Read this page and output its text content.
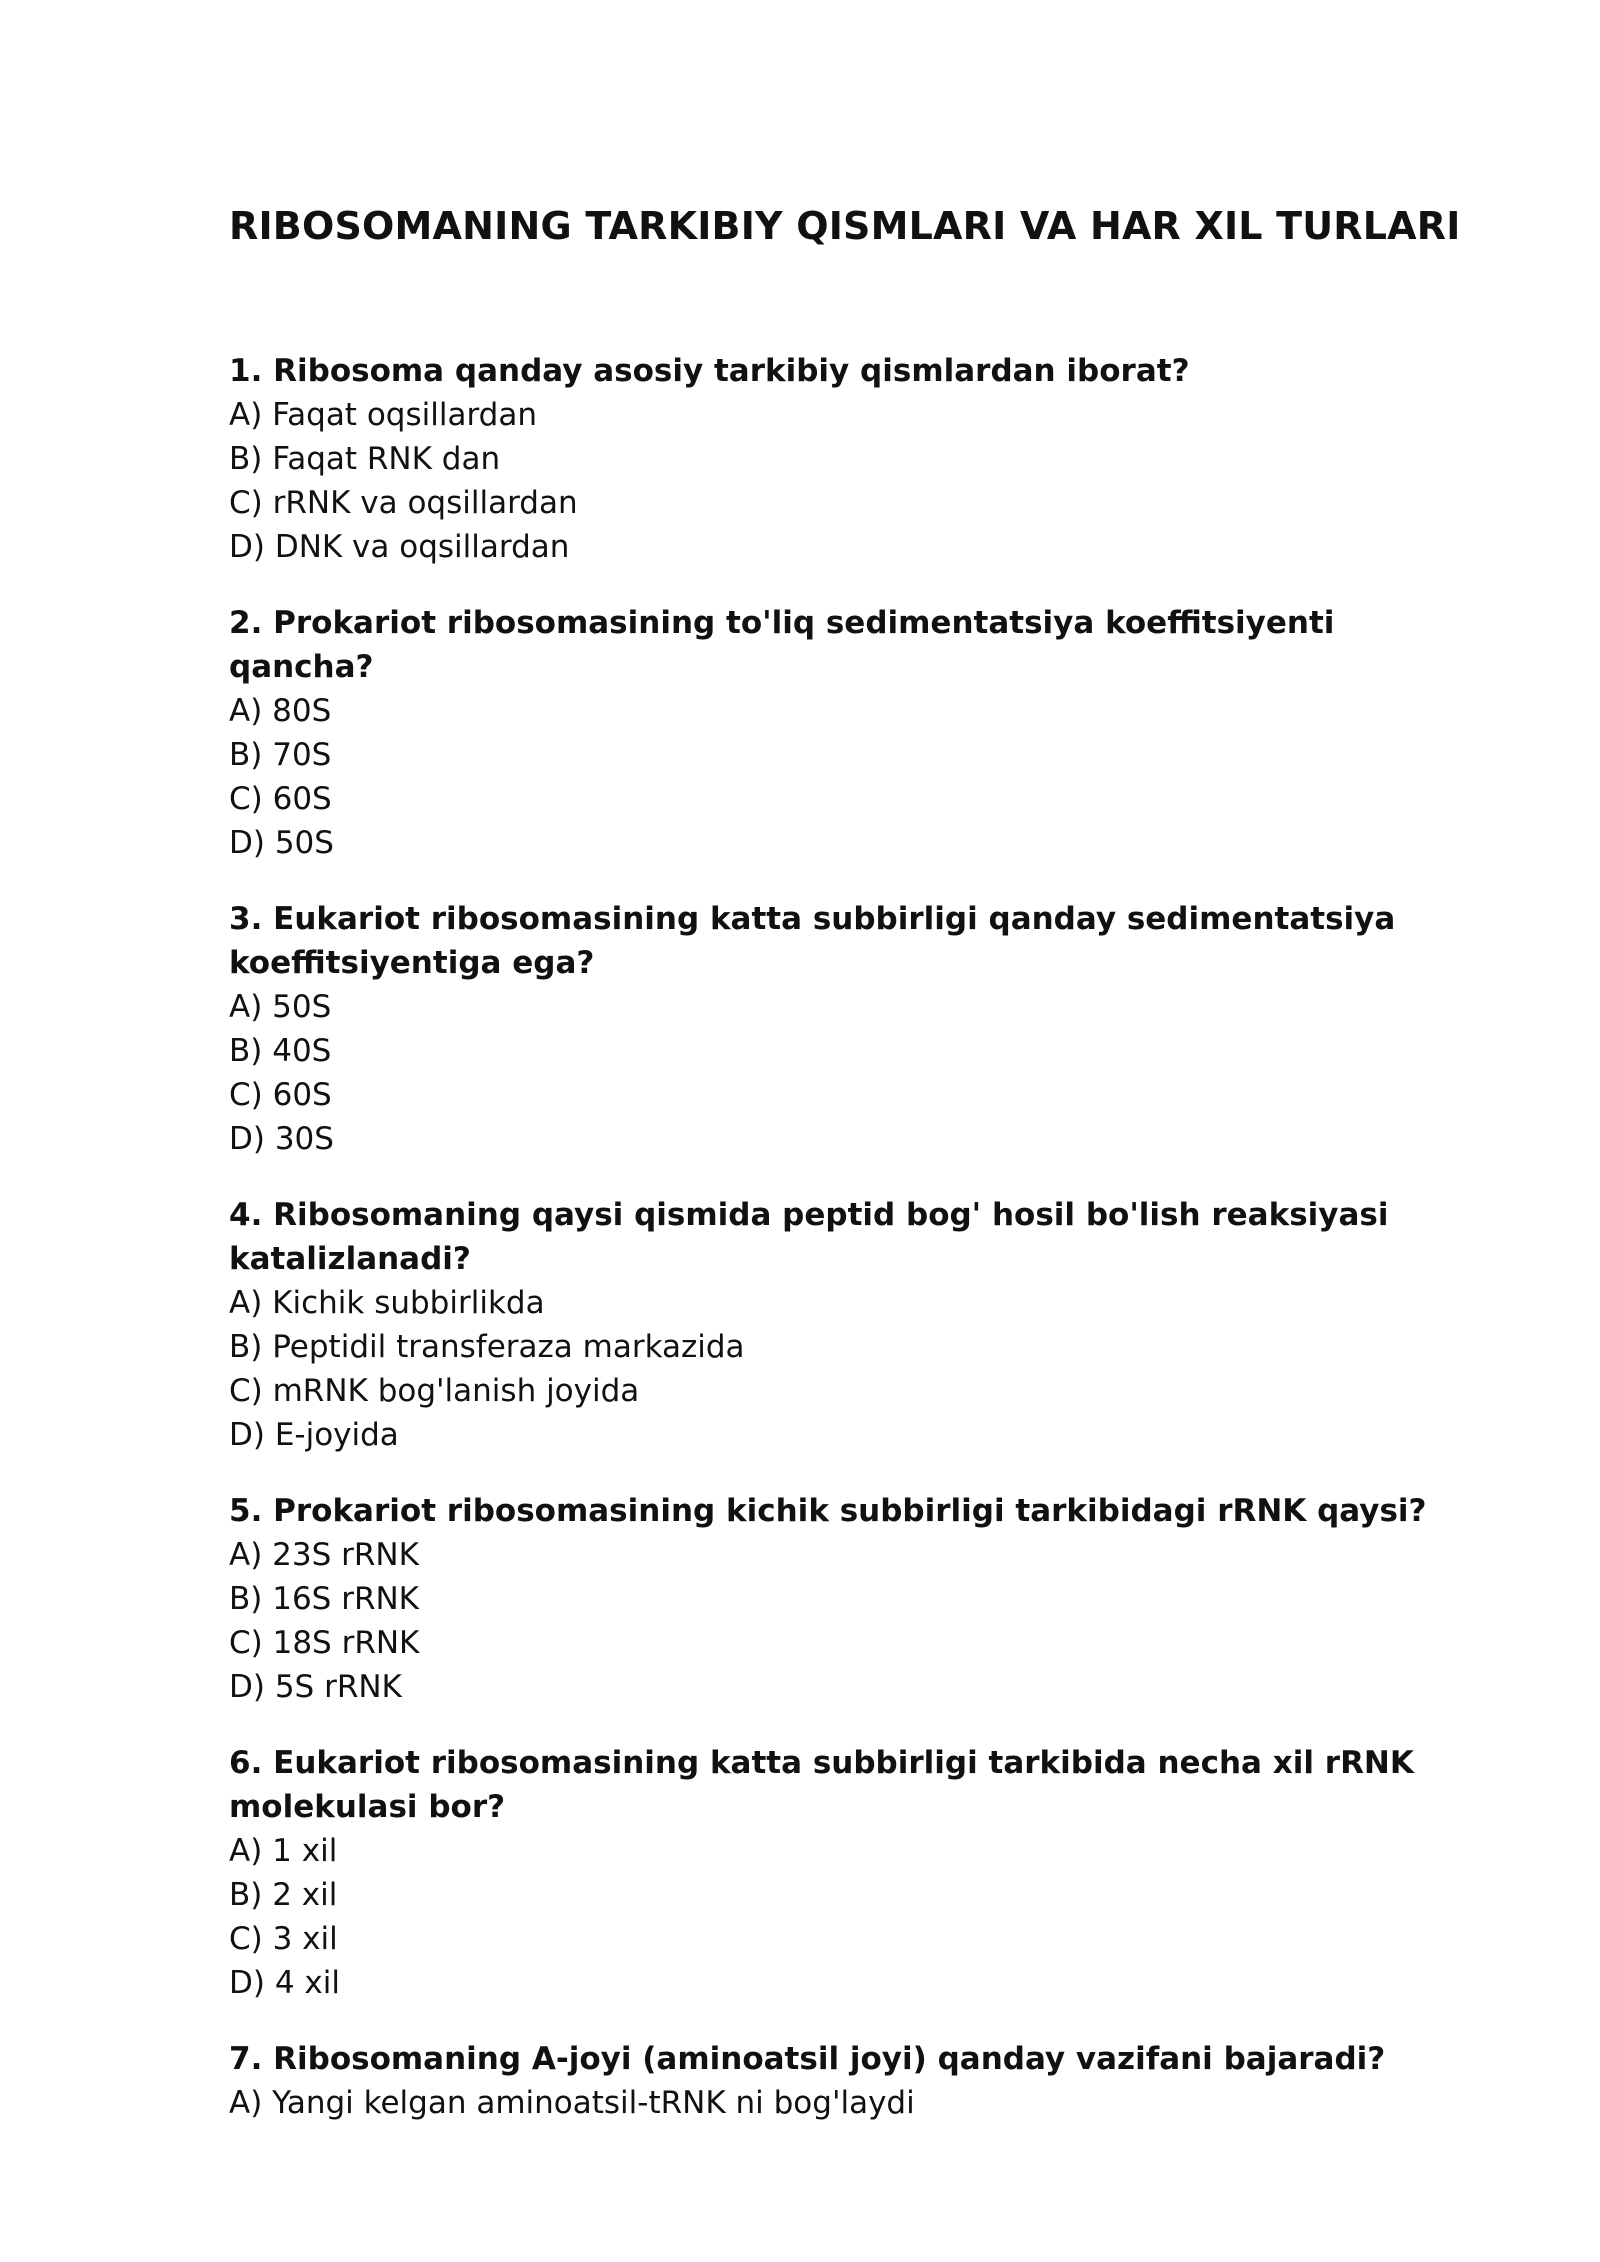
RIBOSOMANING TARKIBIY QISMLARI VA HAR XIL TURLARI

1. Ribosoma qanday asosiy tarkibiy qismlardan iborat?

A) Faqat oqsillardan
B) Faqat RNK dan
C) rRNK va oqsillardan
D) DNK va oqsillardan

2. Prokariot ribosomasining to'liq sedimentatsiya koeffitsiyenti qancha?

A) 80S
B) 70S
C) 60S
D) 50S

3. Eukariot ribosomasining katta subbirligi qanday sedimentatsiya koeffitsiyentiga ega?

A) 50S
B) 40S
C) 60S
D) 30S

4. Ribosomaning qaysi qismida peptid bog' hosil bo'lish reaksiyasi katalizlanadi?

A) Kichik subbirlikda
B) Peptidil transferaza markazida
C) mRNK bog'lanish joyida
D) E-joyida

5. Prokariot ribosomasining kichik subbirligi tarkibidagi rRNK qaysi?

A) 23S rRNK
B) 16S rRNK
C) 18S rRNK
D) 5S rRNK

6. Eukariot ribosomasining katta subbirligi tarkibida necha xil rRNK molekulasi bor?

A) 1 xil
B) 2 xil
C) 3 xil
D) 4 xil

7. Ribosomaning A-joyi (aminoatsil joyi) qanday vazifani bajaradi?

A) Yangi kelgan aminoatsil-tRNK ni bog'laydi
